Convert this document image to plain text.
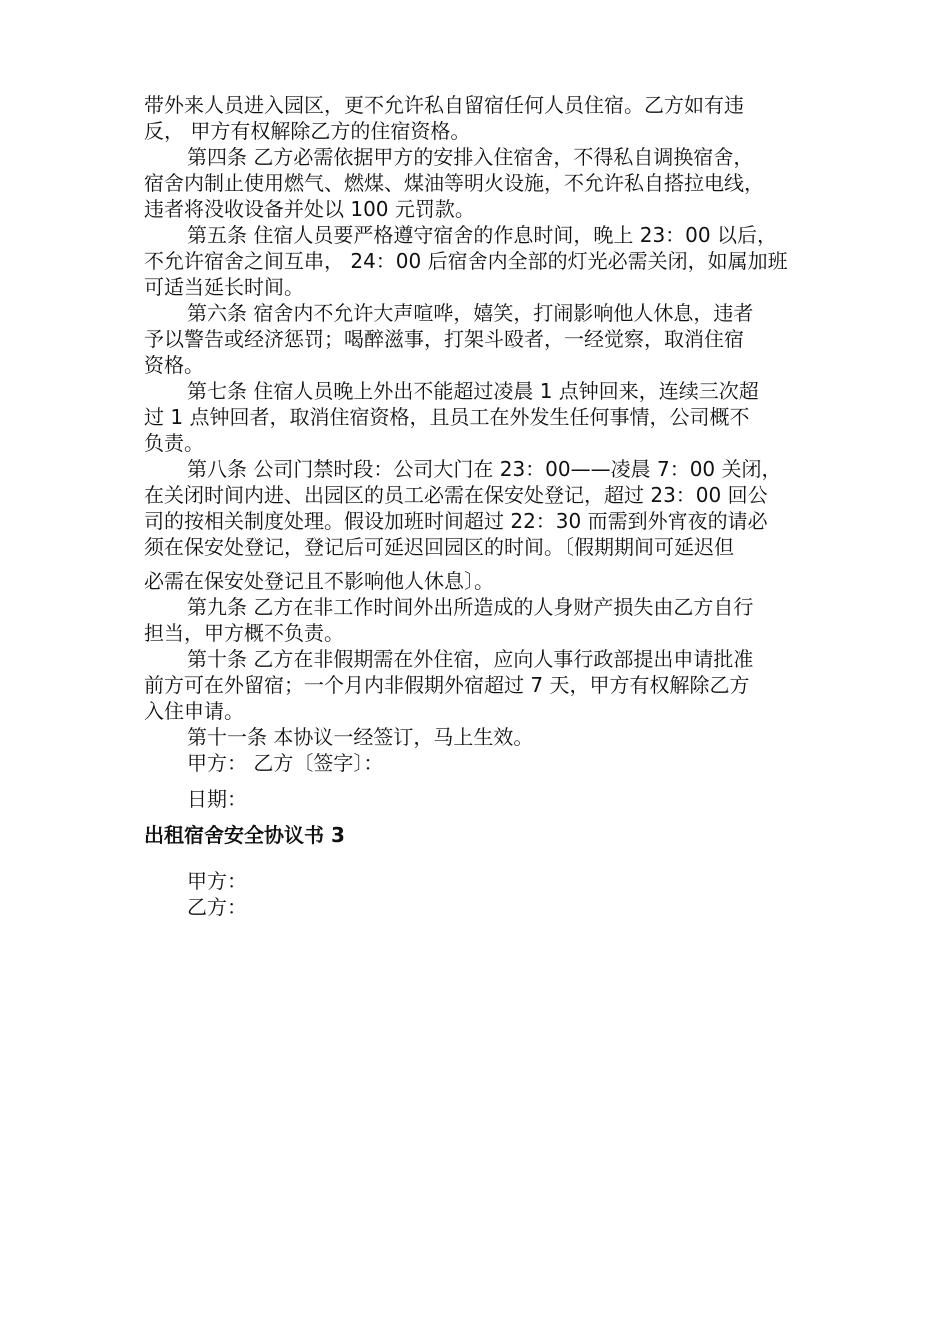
带外来人员进入园区，更不允许私自留宿任何人员住宿。乙方如有违

反， 甲方有权解除乙方的住宿资格。

第四条 乙方必需依据甲方的安排入住宿舍，不得私自调换宿舍，

宿舍内制止使用燃气、燃煤、煤油等明火设施，不允许私自搭拉电线，

违者将没收设备并处以 100 元罚款。

第五条 住宿人员要严格遵守宿舍的作息时间，晚上 23：00 以后，

不允许宿舍之间互串， 24：00 后宿舍内全部的灯光必需关闭，如属加班

可适当延长时间。

第六条 宿舍内不允许大声喧哗，嬉笑，打闹影响他人休息，违者

予以警告或经济惩罚；喝醉滋事，打架斗殴者，一经觉察，取消住宿

资格。

第七条 住宿人员晚上外出不能超过凌晨 1 点钟回来，连续三次超

过 1 点钟回者，取消住宿资格，且员工在外发生任何事情，公司概不

负责。

第八条 公司门禁时段：公司大门在 23：00——凌晨 7：00 关闭，

在关闭时间内进、出园区的员工必需在保安处登记，超过 23：00 回公

司的按相关制度处理。假设加班时间超过 22：30 而需到外宵夜的请必

须在保安处登记，登记后可延迟回园区的时间。〔假期期间可延迟但

必需在保安处登记且不影响他人休息〕。

第九条 乙方在非工作时间外出所造成的人身财产损失由乙方自行

担当，甲方概不负责。

第十条 乙方在非假期需在外住宿，应向人事行政部提出申请批准

前方可在外留宿；一个月内非假期外宿超过 7 天，甲方有权解除乙方

入住申请。

第十一条 本协议一经签订，马上生效。

甲方： 乙方〔签字〕：

日期：

出租宿舍安全协议书 3

甲方：

乙方：
